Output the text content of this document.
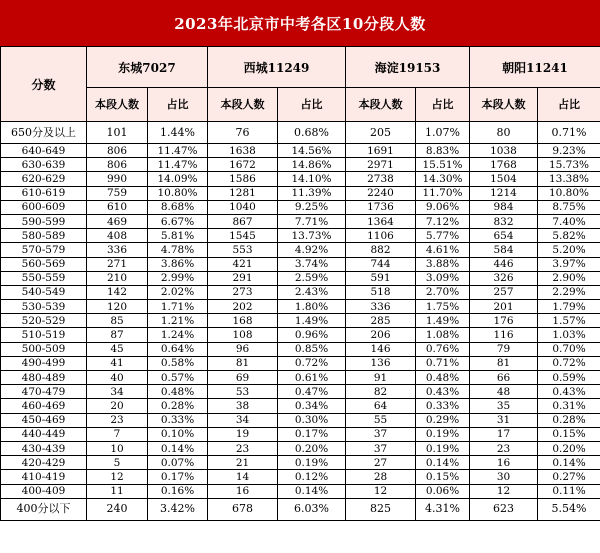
2023年北京市中考各区10分段人数
分数	东城7027		西城11249		海淀19153		朝阳11241	
	本段人数	占比	本段人数	占比	本段人数	占比	本段人数	占比
650分及以上	101	1.44%	76	0.68%	205	1.07%	80	0.71%
640-649	806	11.47%	1638	14.56%	1691	8.83%	1038	9.23%
630-639	806	11.47%	1672	14.86%	2971	15.51%	1768	15.73%
620-629	990	14.09%	1586	14.10%	2738	14.30%	1504	13.38%
610-619	759	10.80%	1281	11.39%	2240	11.70%	1214	10.80%
600-609	610	8.68%	1040	9.25%	1736	9.06%	984	8.75%
590-599	469	6.67%	867	7.71%	1364	7.12%	832	7.40%
580-589	408	5.81%	1545	13.73%	1106	5.77%	654	5.82%
570-579	336	4.78%	553	4.92%	882	4.61%	584	5.20%
560-569	271	3.86%	421	3.74%	744	3.88%	446	3.97%
550-559	210	2.99%	291	2.59%	591	3.09%	326	2.90%
540-549	142	2.02%	273	2.43%	518	2.70%	257	2.29%
530-539	120	1.71%	202	1.80%	336	1.75%	201	1.79%
520-529	85	1.21%	168	1.49%	285	1.49%	176	1.57%
510-519	87	1.24%	108	0.96%	206	1.08%	116	1.03%
500-509	45	0.64%	96	0.85%	146	0.76%	79	0.70%
490-499	41	0.58%	81	0.72%	136	0.71%	81	0.72%
480-489	40	0.57%	69	0.61%	91	0.48%	66	0.59%
470-479	34	0.48%	53	0.47%	82	0.43%	48	0.43%
460-469	20	0.28%	38	0.34%	64	0.33%	35	0.31%
450-469	23	0.33%	34	0.30%	55	0.29%	31	0.28%
440-449	7	0.10%	19	0.17%	37	0.19%	17	0.15%
430-439	10	0.14%	23	0.20%	37	0.19%	23	0.20%
420-429	5	0.07%	21	0.19%	27	0.14%	16	0.14%
410-419	12	0.17%	14	0.12%	28	0.15%	30	0.27%
400-409	11	0.16%	16	0.14%	12	0.06%	12	0.11%
400分以下	240	3.42%	678	6.03%	825	4.31%	623	5.54%
